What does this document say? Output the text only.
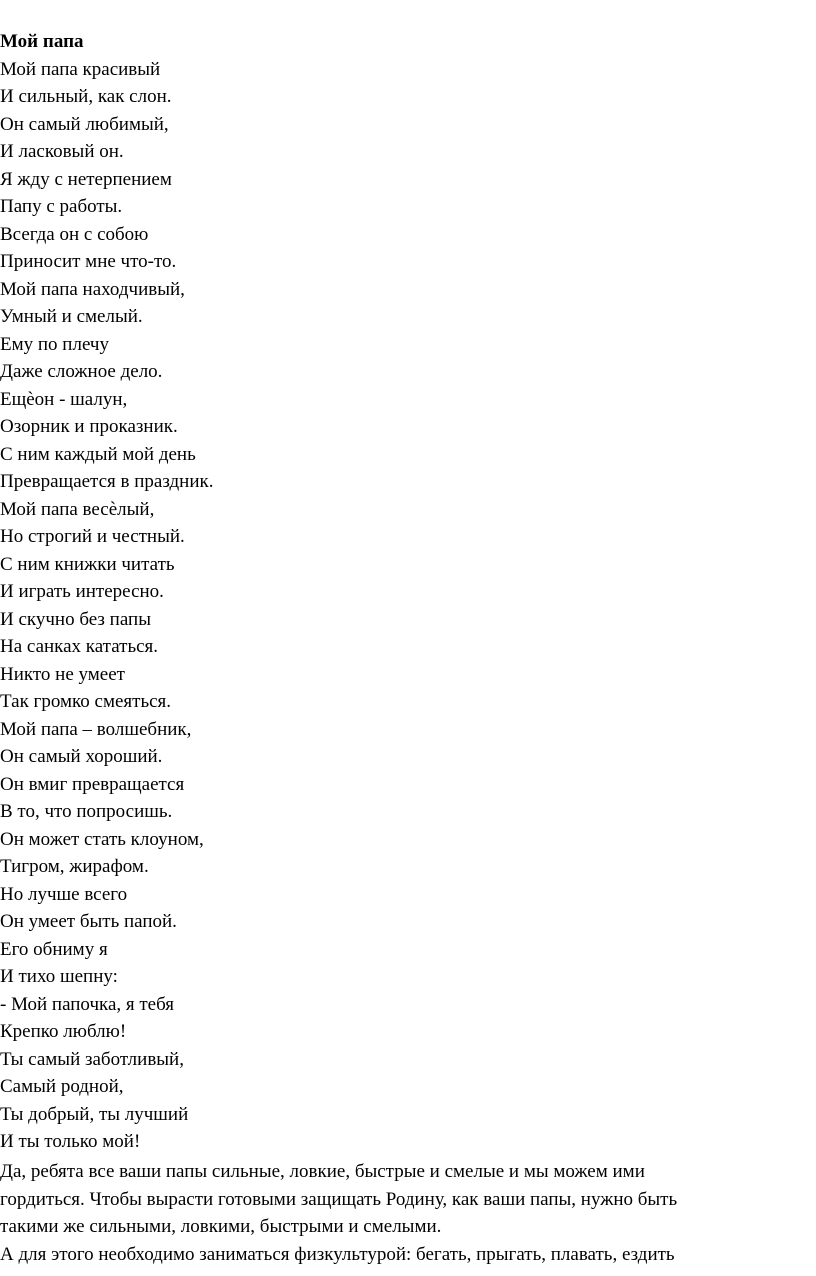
Мой папа
Мой папа красивый
И сильный, как слон.
Он самый любимый,
И ласковый он.
Я жду с нетерпением
Папу с работы.
Всегда он с собою
Приносит мне что-то.
Мой папа находчивый,
Умный и смелый.
Ему по плечу
Даже сложное дело.
Ещѐон - шалун,
Озорник и проказник.
С ним каждый мой день
Превращается в праздник.
Мой папа весѐлый,
Но строгий и честный.
С ним книжки читать
И играть интересно.
И скучно без папы
На санках кататься.
Никто не умеет
Так громко смеяться.
Мой папа – волшебник,
Он самый хороший.
Он вмиг превращается
В то, что попросишь.
Он может стать клоуном,
Тигром, жирафом.
Но лучше всего
Он умеет быть папой.
Его обниму я
И тихо шепну:
- Мой папочка, я тебя
Крепко люблю!
Ты самый заботливый,
Самый родной,
Ты добрый, ты лучший
И ты только мой!

Да, ребята все ваши папы сильные, ловкие, быстрые и смелые и мы можем ими

гордиться. Чтобы вырасти готовыми защищать Родину, как ваши папы, нужно быть

такими же сильными, ловкими, быстрыми и смелыми.

А для этого необходимо заниматься физкультурой: бегать, прыгать, плавать, ездить
